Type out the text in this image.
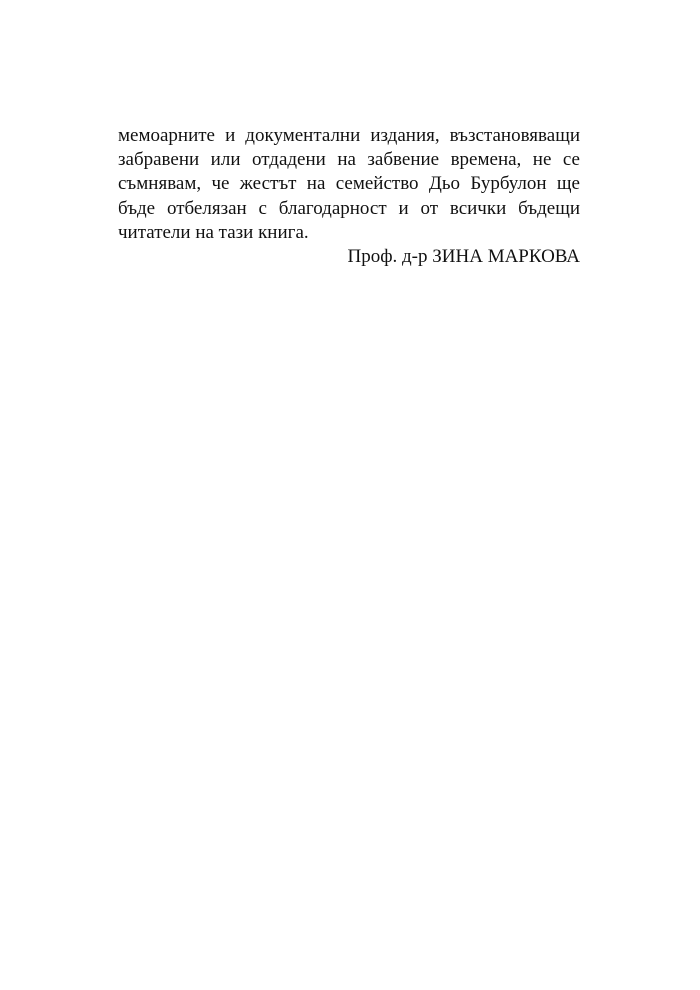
мемоарните и документални издания, възстановяващи
забравени или отдадени на забвение времена, не се
съмнявам, че жестът на семейство Дьо Бурбулон ще
бъде отбелязан с благодарност и от всички бъдещи
читатели на тази книга.
Проф. д-р ЗИНА МАРКОВА
